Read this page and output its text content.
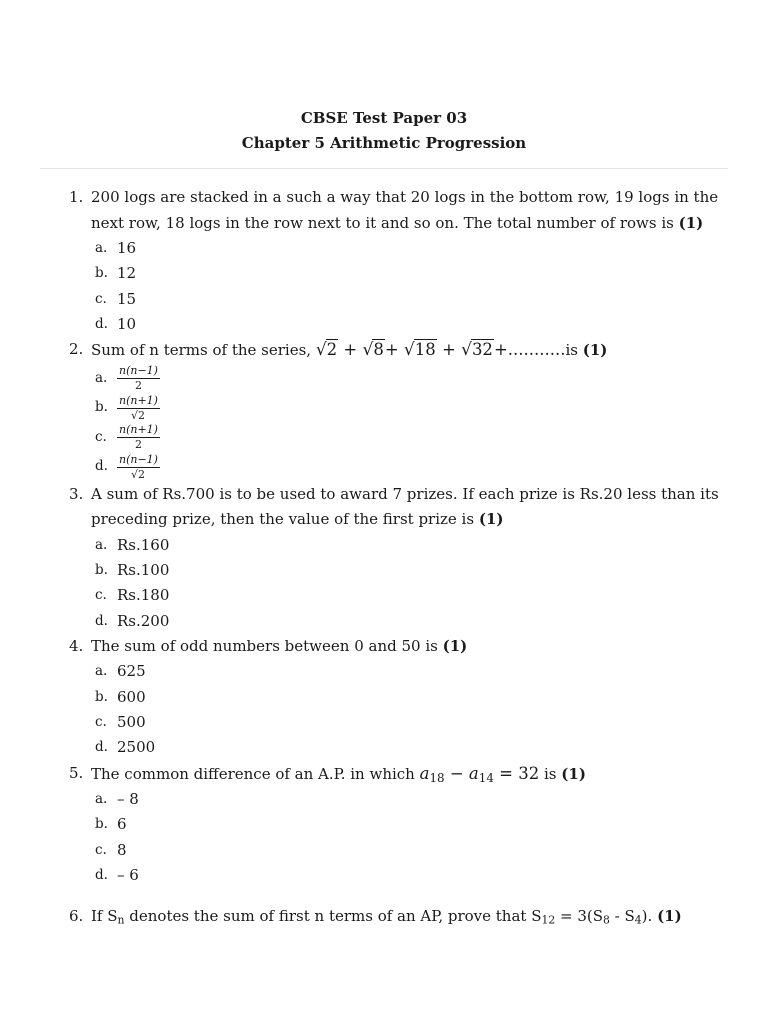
CBSE Test Paper 03
Chapter 5 Arithmetic Progression
1. 200 logs are stacked in a such a way that 20 logs in the bottom row, 19 logs in the next row, 18 logs in the row next to it and so on. The total number of rows is (1)
a. 16
b. 12
c. 15
d. 10
2. Sum of n terms of the series, √2 + √8+ √18 + √32+...........is (1)
a. $\frac{n(n-1)}{2}$
b. $\frac{n(n+1)}{√2}$
c. $\frac{n(n+1)}{2}$
d. $\frac{n(n-1)}{√2}$
3. A sum of Rs.700 is to be used to award 7 prizes. If each prize is Rs.20 less than its preceding prize, then the value of the first prize is (1)
a. Rs.160
b. Rs.100
c. Rs.180
d. Rs.200
4. The sum of odd numbers between 0 and 50 is (1)
a. 625
b. 600
c. 500
d. 2500
5. The common difference of an A.P. in which $a_{18} - a_{14} = 32$ is (1)
a. – 8
b. 6
c. 8
d. – 6
6. If $S_n$ denotes the sum of first n terms of an AP, prove that $S_{12} = 3(S_8 - S_4)$. (1)
